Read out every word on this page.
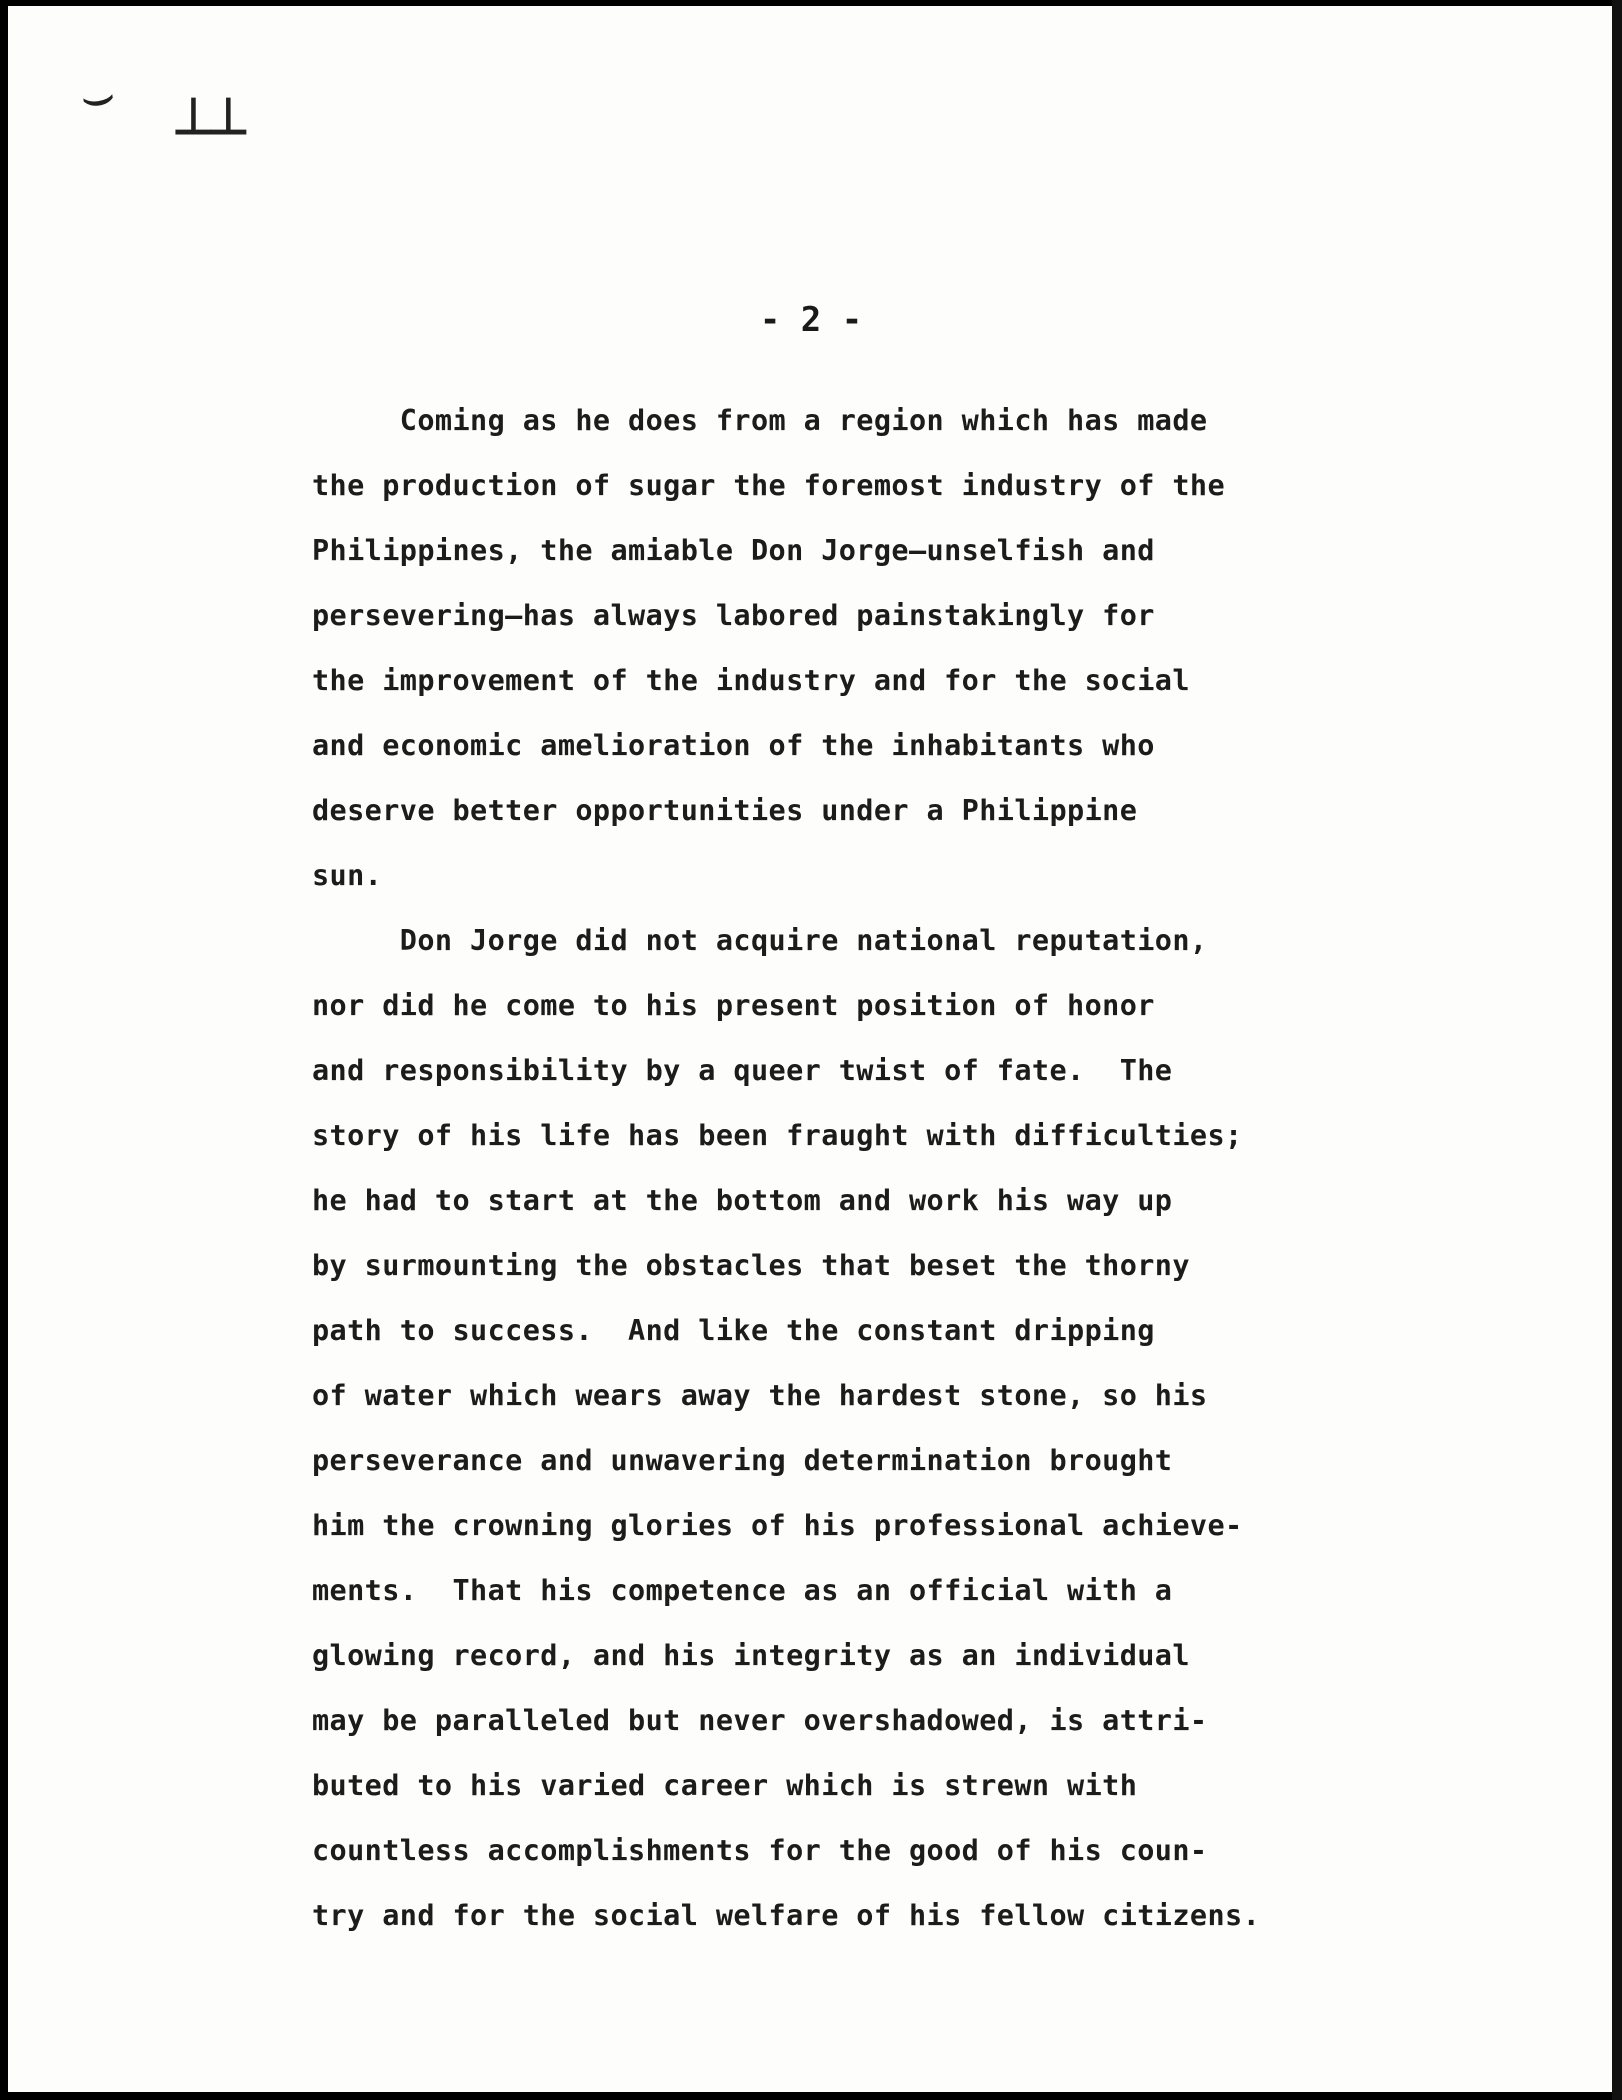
⌣
┴┴

- 2 -

Coming as he does from a region which has made
the production of sugar the foremost industry of the
Philippines, the amiable Don Jorge—unselfish and
persevering—has always labored painstakingly for
the improvement of the industry and for the social
and economic amelioration of the inhabitants who
deserve better opportunities under a Philippine
sun.
Don Jorge did not acquire national reputation,
nor did he come to his present position of honor
and responsibility by a queer twist of fate.  The
story of his life has been fraught with difficulties;
he had to start at the bottom and work his way up
by surmounting the obstacles that beset the thorny
path to success.  And like the constant dripping
of water which wears away the hardest stone, so his
perseverance and unwavering determination brought
him the crowning glories of his professional achieve-
ments.  That his competence as an official with a
glowing record, and his integrity as an individual
may be paralleled but never overshadowed, is attri-
buted to his varied career which is strewn with
countless accomplishments for the good of his coun-
try and for the social welfare of his fellow citizens.
